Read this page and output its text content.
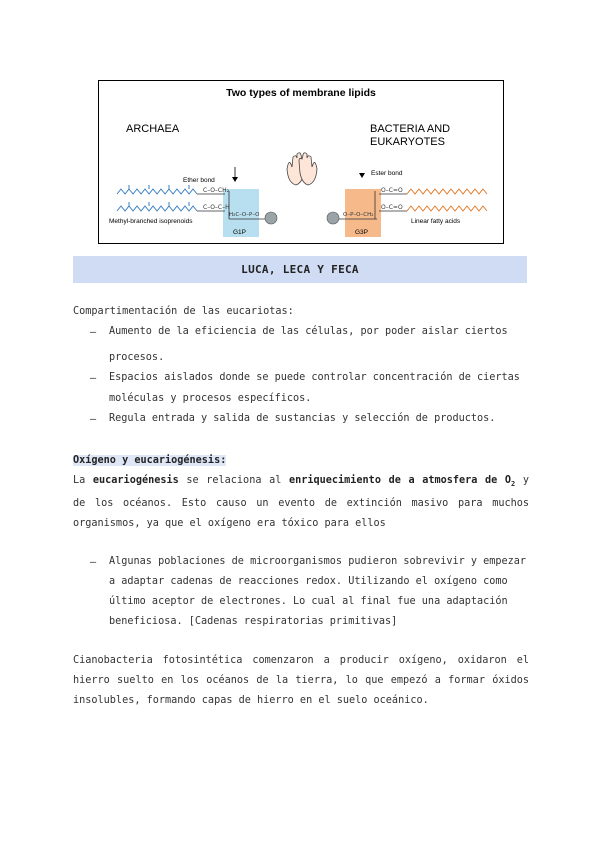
Two types of membrane lipids
ARCHAEA	BACTERIA AND
EUKARYOTES
C–O–CH₂
C–O–C–H
H₂C–O–P–O	O–P–O–CH₂
O–C=O
O–C=O
Ether bond
Ester bond
Methyl-branched isoprenoids	Linear fatty acids
G1P	G3P
LUCA, LECA Y FECA
Compartimentación de las eucariotas:
– Aumento de la eficiencia de las células, por poder aislar ciertos
procesos.
– Espacios aislados donde se puede controlar concentración de ciertas
moléculas y procesos específicos.
– Regula entrada y salida de sustancias y selección de productos.
Oxígeno y eucariogénesis:
La eucariogénesis se relaciona al enriquecimiento de a atmosfera de $O_2$ y de los océanos. Esto causo un evento de extinción masivo para muchos organismos, ya que el oxígeno era tóxico para ellos
– Algunas poblaciones de microorganismos pudieron sobrevivir y empezar
a adaptar cadenas de reacciones redox. Utilizando el oxígeno como
último aceptor de electrones. Lo cual al final fue una adaptación
beneficiosa. [Cadenas respiratorias primitivas]
Cianobacteria fotosintética comenzaron a producir oxígeno, oxidaron el hierro suelto en los océanos de la tierra, lo que empezó a formar óxidos insolubles, formando capas de hierro en el suelo oceánico.
